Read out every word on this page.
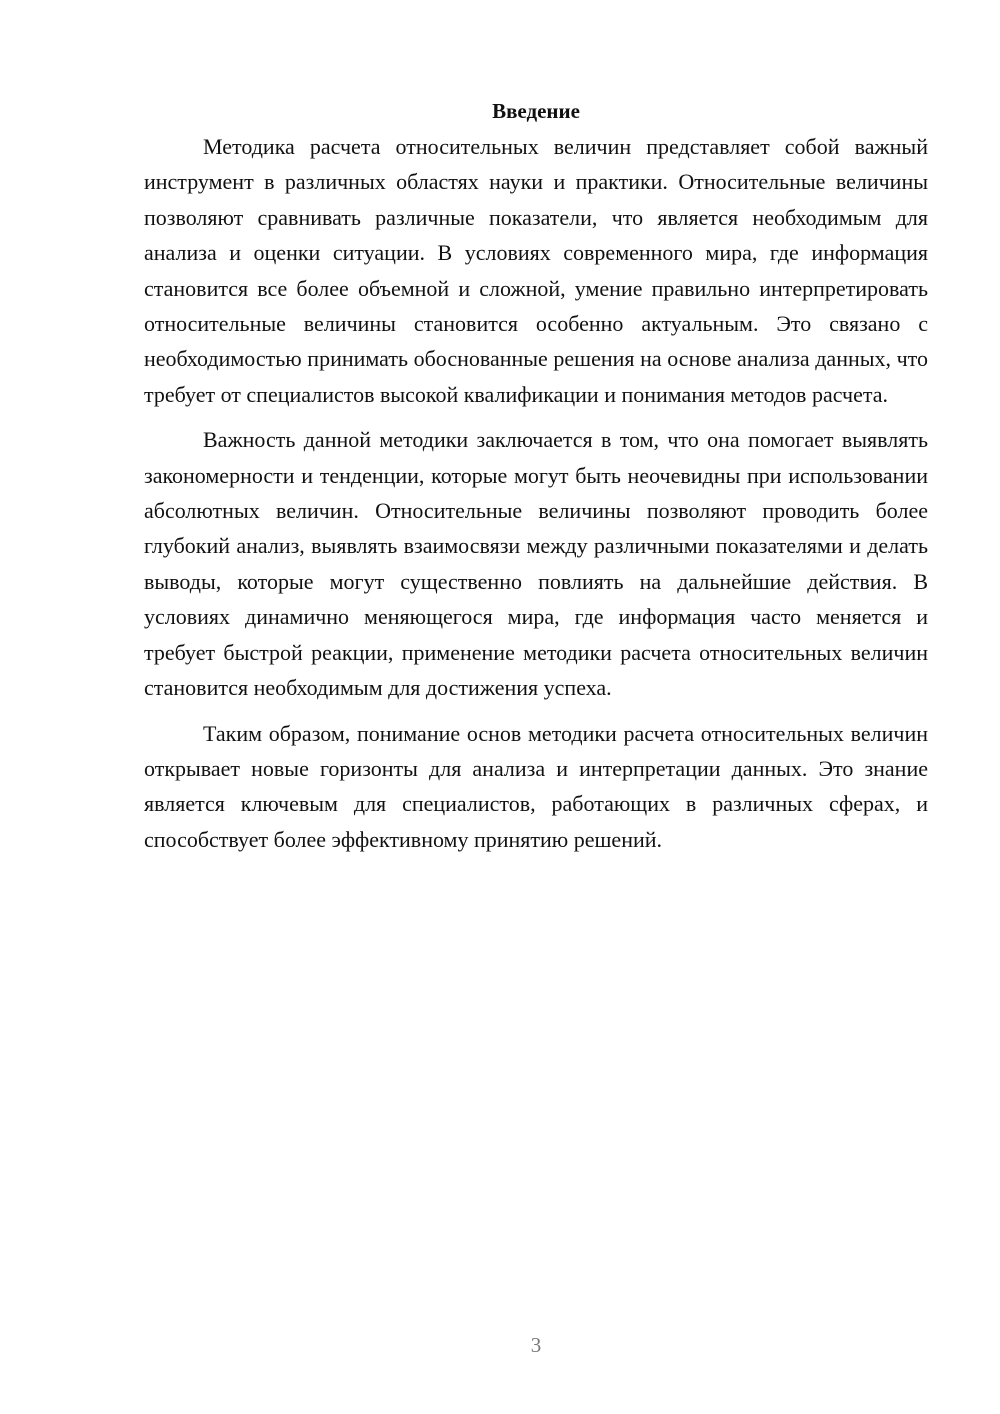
Введение

Методика расчета относительных величин представляет собой важный инструмент в различных областях науки и практики. Относительные величины позволяют сравнивать различные показатели, что является необходимым для анализа и оценки ситуации. В условиях современного мира, где информация становится все более объемной и сложной, умение правильно интерпретировать относительные величины становится особенно актуальным. Это связано с необходимостью принимать обоснованные решения на основе анализа данных, что требует от специалистов высокой квалификации и понимания методов расчета.

Важность данной методики заключается в том, что она помогает выявлять закономерности и тенденции, которые могут быть неочевидны при использовании абсолютных величин. Относительные величины позволяют проводить более глубокий анализ, выявлять взаимосвязи между различными показателями и делать выводы, которые могут существенно повлиять на дальнейшие действия. В условиях динамично меняющегося мира, где информация часто меняется и требует быстрой реакции, применение методики расчета относительных величин становится необходимым для достижения успеха.

Таким образом, понимание основ методики расчета относительных величин открывает новые горизонты для анализа и интерпретации данных. Это знание является ключевым для специалистов, работающих в различных сферах, и способствует более эффективному принятию решений.

3
